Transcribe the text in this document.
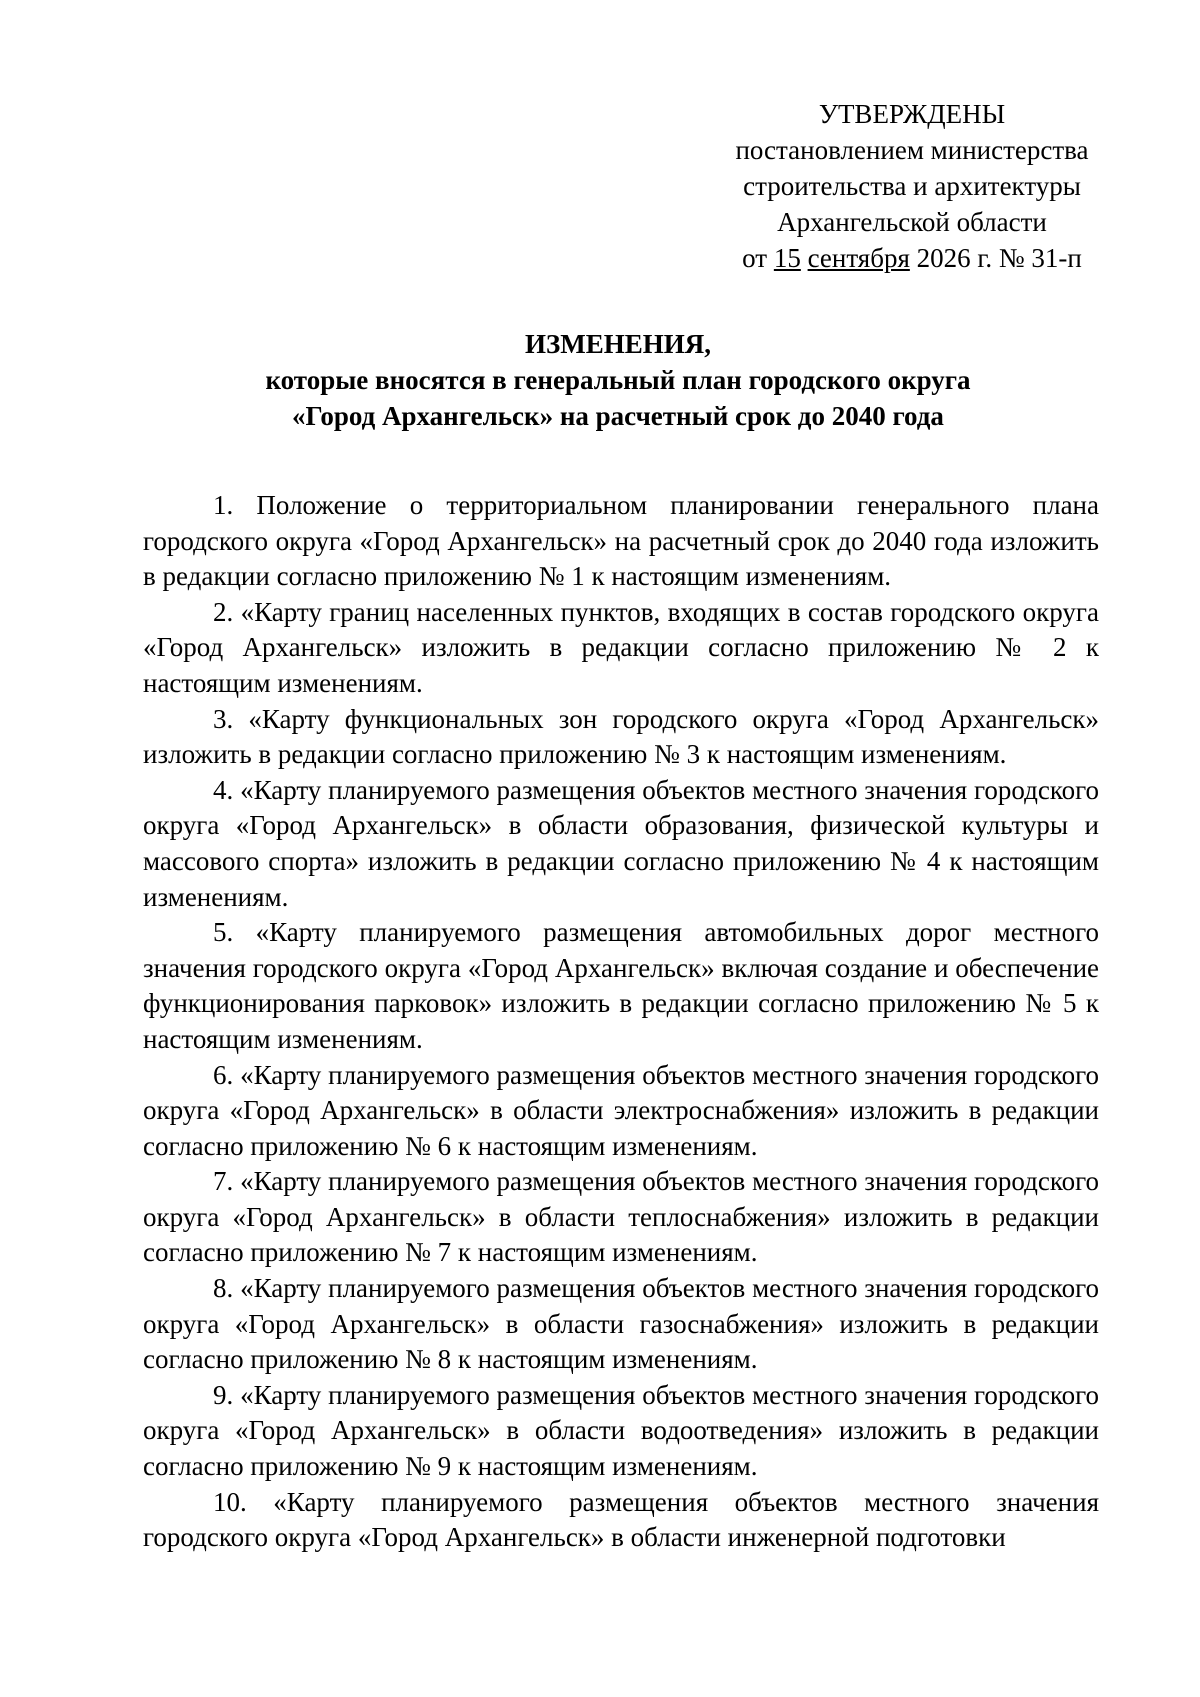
УТВЕРЖДЕНЫ
постановлением министерства
строительства и архитектуры
Архангельской области
от 15 сентября 2026 г. № 31-п
ИЗМЕНЕНИЯ,
которые вносятся в генеральный план городского округа
«Город Архангельск» на расчетный срок до 2040 года

1. Положение о территориальном планировании генерального плана городского округа «Город Архангельск» на расчетный срок до 2040 года изложить в редакции согласно приложению № 1 к настоящим изменениям.

2. «Карту границ населенных пунктов, входящих в состав городского округа «Город Архангельск» изложить в редакции согласно приложению № 2 к настоящим изменениям.

3. «Карту функциональных зон городского округа «Город Архангельск» изложить в редакции согласно приложению № 3 к настоящим изменениям.

4. «Карту планируемого размещения объектов местного значения городского округа «Город Архангельск» в области образования, физической культуры и массового спорта» изложить в редакции согласно приложению № 4 к настоящим изменениям.

5. «Карту планируемого размещения автомобильных дорог местного значения городского округа «Город Архангельск» включая создание и обеспечение функционирования парковок» изложить в редакции согласно приложению № 5 к настоящим изменениям.

6. «Карту планируемого размещения объектов местного значения городского округа «Город Архангельск» в области электроснабжения» изложить в редакции согласно приложению № 6 к настоящим изменениям.

7. «Карту планируемого размещения объектов местного значения городского округа «Город Архангельск» в области теплоснабжения» изложить в редакции согласно приложению № 7 к настоящим изменениям.

8. «Карту планируемого размещения объектов местного значения городского округа «Город Архангельск» в области газоснабжения» изложить в редакции согласно приложению № 8 к настоящим изменениям.

9. «Карту планируемого размещения объектов местного значения городского округа «Город Архангельск» в области водоотведения» изложить в редакции согласно приложению № 9 к настоящим изменениям.

10. «Карту планируемого размещения объектов местного значения городского округа «Город Архангельск» в области инженерной подготовки
